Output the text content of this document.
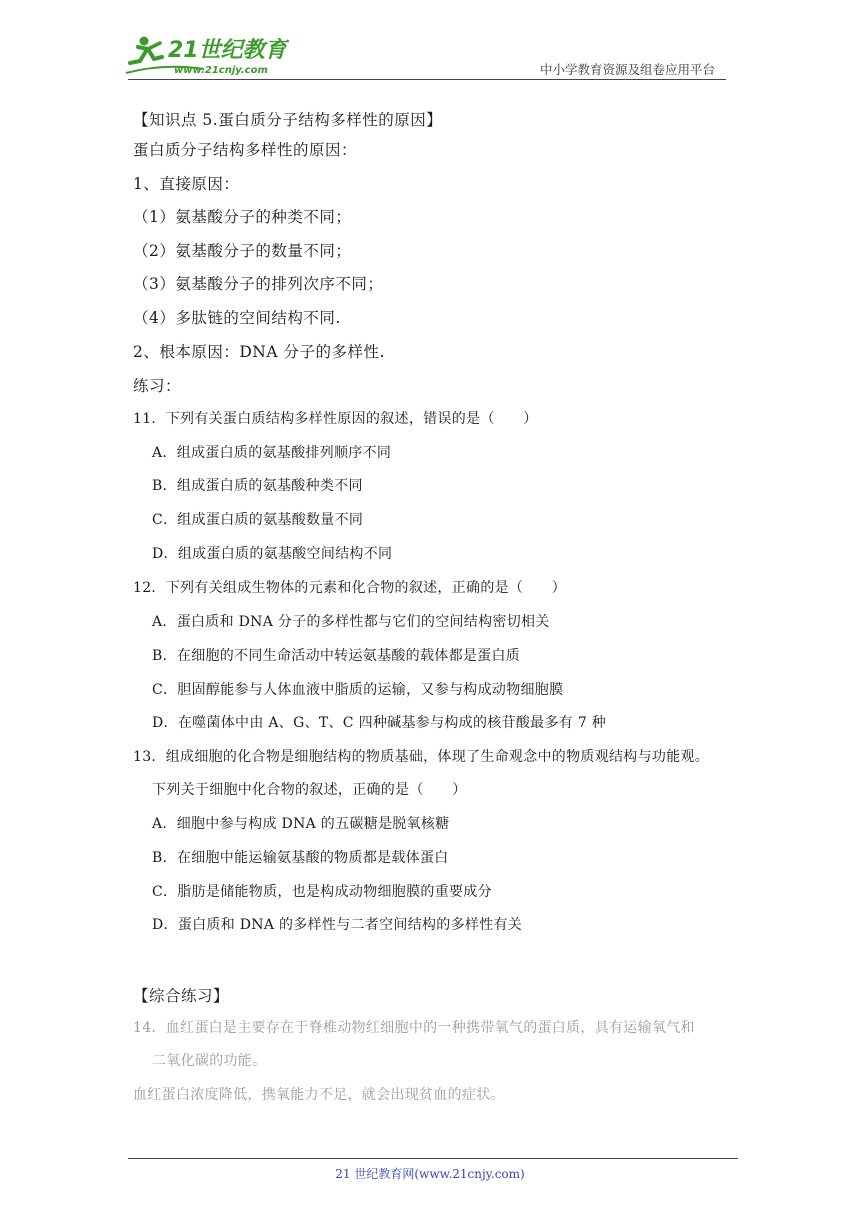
21世纪教育
www.21cnjy.com	中小学教育资源及组卷应用平台
【知识点 5.蛋白质分子结构多样性的原因】
蛋白质分子结构多样性的原因：
1、直接原因：
（1）氨基酸分子的种类不同；
（2）氨基酸分子的数量不同；
（3）氨基酸分子的排列次序不同；
（4）多肽链的空间结构不同.
2、根本原因：DNA 分子的多样性.
练习：
11．下列有关蛋白质结构多样性原因的叙述，错误的是（　　）
A．组成蛋白质的氨基酸排列顺序不同
B．组成蛋白质的氨基酸种类不同
C．组成蛋白质的氨基酸数量不同
D．组成蛋白质的氨基酸空间结构不同
12．下列有关组成生物体的元素和化合物的叙述，正确的是（　　）
A．蛋白质和 DNA 分子的多样性都与它们的空间结构密切相关
B．在细胞的不同生命活动中转运氨基酸的载体都是蛋白质
C．胆固醇能参与人体血液中脂质的运输，又参与构成动物细胞膜
D．在噬菌体中由 A、G、T、C 四种碱基参与构成的核苷酸最多有 7 种
13．组成细胞的化合物是细胞结构的物质基础，体现了生命观念中的物质观结构与功能观。
下列关于细胞中化合物的叙述，正确的是（　　）
A．细胞中参与构成 DNA 的五碳糖是脱氧核糖
B．在细胞中能运输氨基酸的物质都是载体蛋白
C．脂肪是储能物质，也是构成动物细胞膜的重要成分
D．蛋白质和 DNA 的多样性与二者空间结构的多样性有关
【综合练习】
14．血红蛋白是主要存在于脊椎动物红细胞中的一种携带氧气的蛋白质，具有运输氧气和
二氧化碳的功能。
血红蛋白浓度降低，携氧能力不足，就会出现贫血的症状。
21 世纪教育网(www.21cnjy.com)
